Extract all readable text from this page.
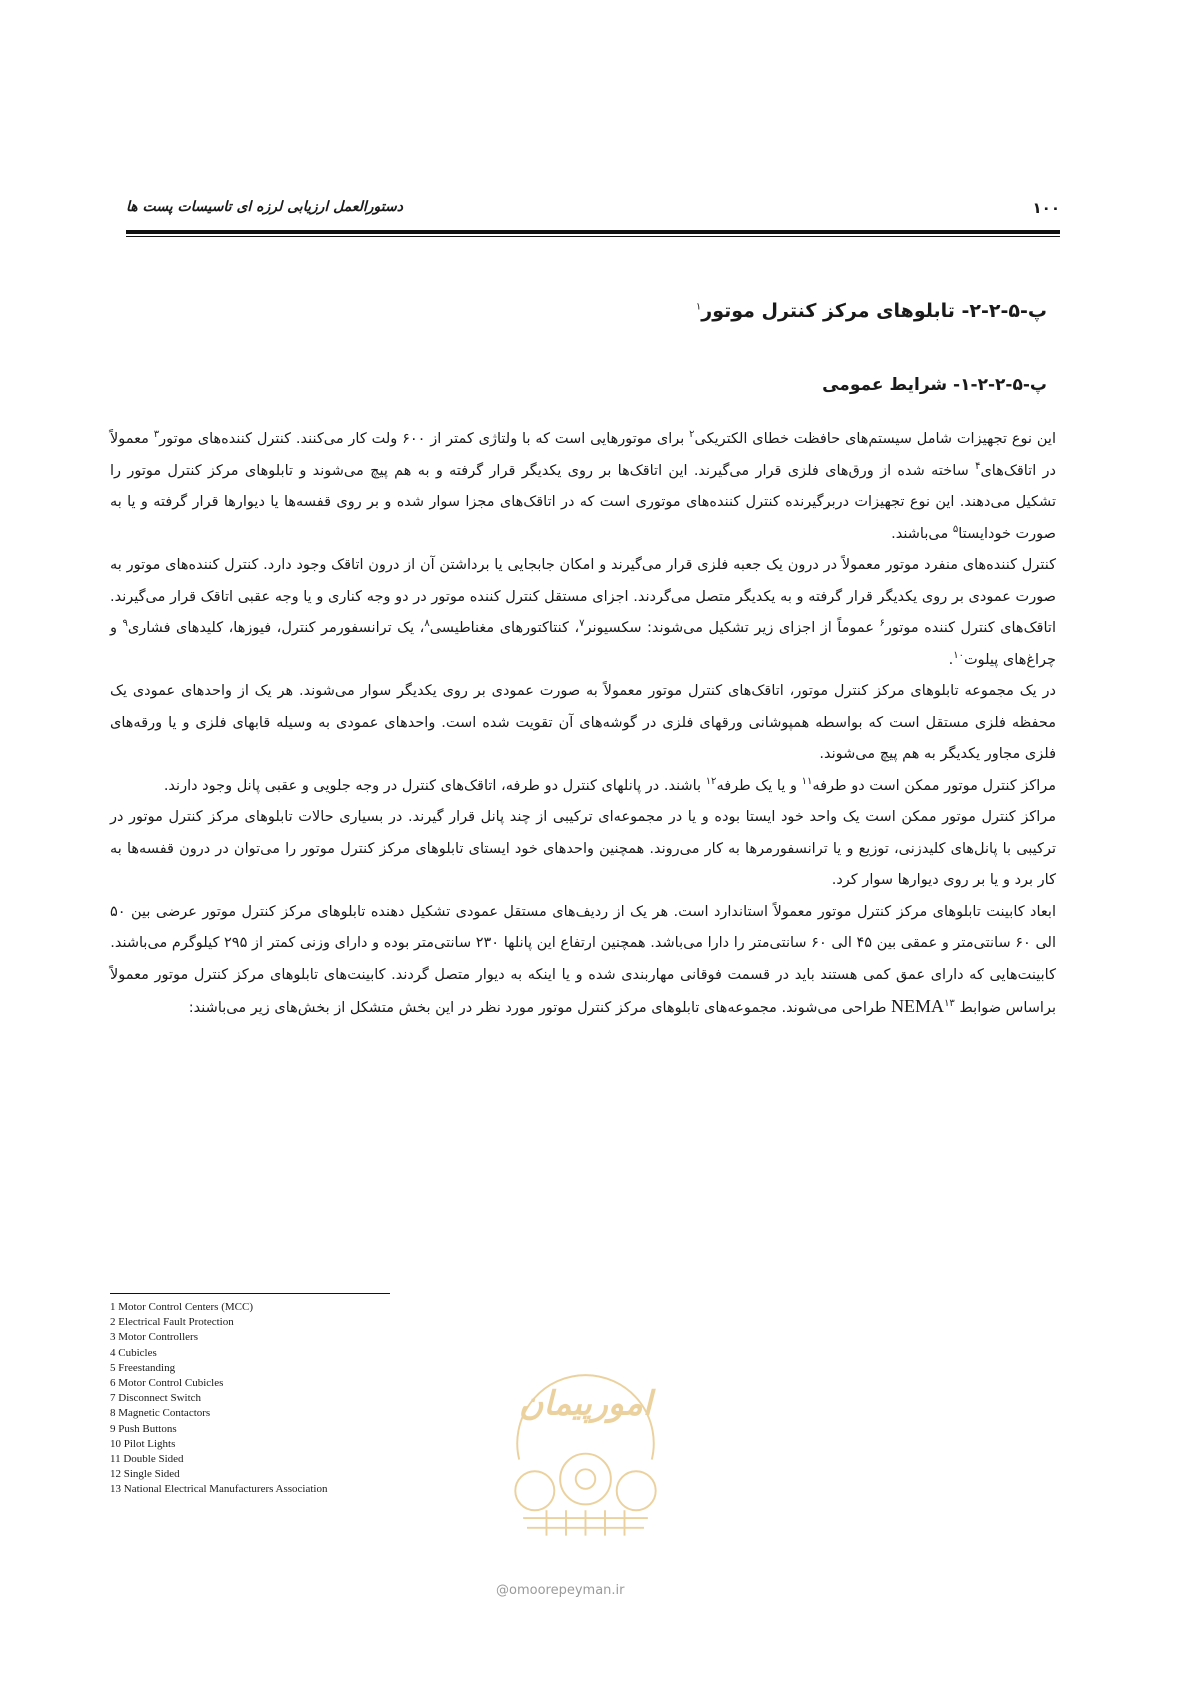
دستورالعمل ارزیابی لرزه ای تاسیسات پست ها	۱۰۰
پ-۵-۲-۲- تابلوهای مرکز کنترل موتور$^۱$
پ-۵-۲-۲-۱- شرایط عمومی

این نوع تجهیزات شامل سیستم‌های حافظت خطای الکتریکی$^۲$ برای موتورهایی است که با ولتاژی کمتر از ۶۰۰ ولت کار می‌کنند. کنترل کننده‌های موتور$^۳$ معمولاً در اتاقک‌های$^۴$ ساخته شده از ورق‌های فلزی قرار می‌گیرند. این اتاقک‌ها بر روی یکدیگر قرار گرفته و به هم پیچ می‌شوند و تابلوهای مرکز کنترل موتور را تشکیل می‌دهند. این نوع تجهیزات دربرگیرنده کنترل کننده‌های موتوری است که در اتاقک‌های مجزا سوار شده و بر روی قفسه‌ها یا دیوارها قرار گرفته و یا به صورت خودایستا$^۵$ می‌باشند.

کنترل کننده‌های منفرد موتور معمولاً در درون یک جعبه فلزی قرار می‌گیرند و امکان جابجایی یا برداشتن آن از درون اتاقک وجود دارد. کنترل کننده‌های موتور به صورت عمودی بر روی یکدیگر قرار گرفته و به یکدیگر متصل می‌گردند. اجزای مستقل کنترل کننده موتور در دو وجه کناری و یا وجه عقبی اتاقک قرار می‌گیرند. اتاقک‌های کنترل کننده موتور$^۶$ عموماً از اجزای زیر تشکیل می‌شوند: سکسیونر$^۷$، کنتاکتورهای مغناطیسی$^۸$، یک ترانسفورمر کنترل، فیوزها، کلیدهای فشاری$^۹$ و چراغ‌های پیلوت$^{۱۰}$.

در یک مجموعه تابلوهای مرکز کنترل موتور، اتاقک‌های کنترل موتور معمولاً به صورت عمودی بر روی یکدیگر سوار می‌شوند. هر یک از واحدهای عمودی یک محفظه فلزی مستقل است که بواسطه همپوشانی ورقهای فلزی در گوشه‌های آن تقویت شده است. واحدهای عمودی به وسیله قابهای فلزی و یا ورقه‌های فلزی مجاور یکدیگر به هم پیچ می‌شوند.

مراکز کنترل موتور ممکن است دو طرفه$^{۱۱}$ و یا یک طرفه$^{۱۲}$ باشند. در پانلهای کنترل دو طرفه، اتاقک‌های کنترل در وجه جلویی و عقبی پانل وجود دارند.

مراکز کنترل موتور ممکن است یک واحد خود ایستا بوده و یا در مجموعه‌ای ترکیبی از چند پانل قرار گیرند. در بسیاری حالات تابلوهای مرکز کنترل موتور در ترکیبی با پانل‌های کلیدزنی، توزیع و یا ترانسفورمرها به کار می‌روند. همچنین واحدهای خود ایستای تابلوهای مرکز کنترل موتور را می‌توان در درون قفسه‌ها به کار برد و یا بر روی دیوارها سوار کرد.

ابعاد کابینت تابلوهای مرکز کنترل موتور معمولاً استاندارد است. هر یک از ردیف‌های مستقل عمودی تشکیل دهنده تابلوهای مرکز کنترل موتور عرضی بین ۵۰ الی ۶۰ سانتی‌متر و عمقی بین ۴۵ الی ۶۰ سانتی‌متر را دارا می‌باشد. همچنین ارتفاع این پانلها ۲۳۰ سانتی‌متر بوده و دارای وزنی کمتر از ۲۹۵ کیلوگرم می‌باشند.

کابینت‌هایی که دارای عمق کمی هستند باید در قسمت فوقانی مهاربندی شده و یا اینکه به دیوار متصل گردند. کابینت‌های تابلوهای مرکز کنترل موتور معمولاً براساس ضوابط NEMA$^{۱۳}$ طراحی می‌شوند. مجموعه‌های تابلوهای مرکز کنترل موتور مورد نظر در این بخش متشکل از بخش‌های زیر می‌باشند:

1 Motor Control Centers (MCC)
2 Electrical Fault Protection
3 Motor Controllers
4 Cubicles
5 Freestanding
6 Motor Control Cubicles
7 Disconnect Switch
8 Magnetic Contactors
9 Push Buttons
10 Pilot Lights
11 Double Sided
12 Single Sided
13 National Electrical Manufacturers Association
امورپیمان
@omoorepeyman.ir
